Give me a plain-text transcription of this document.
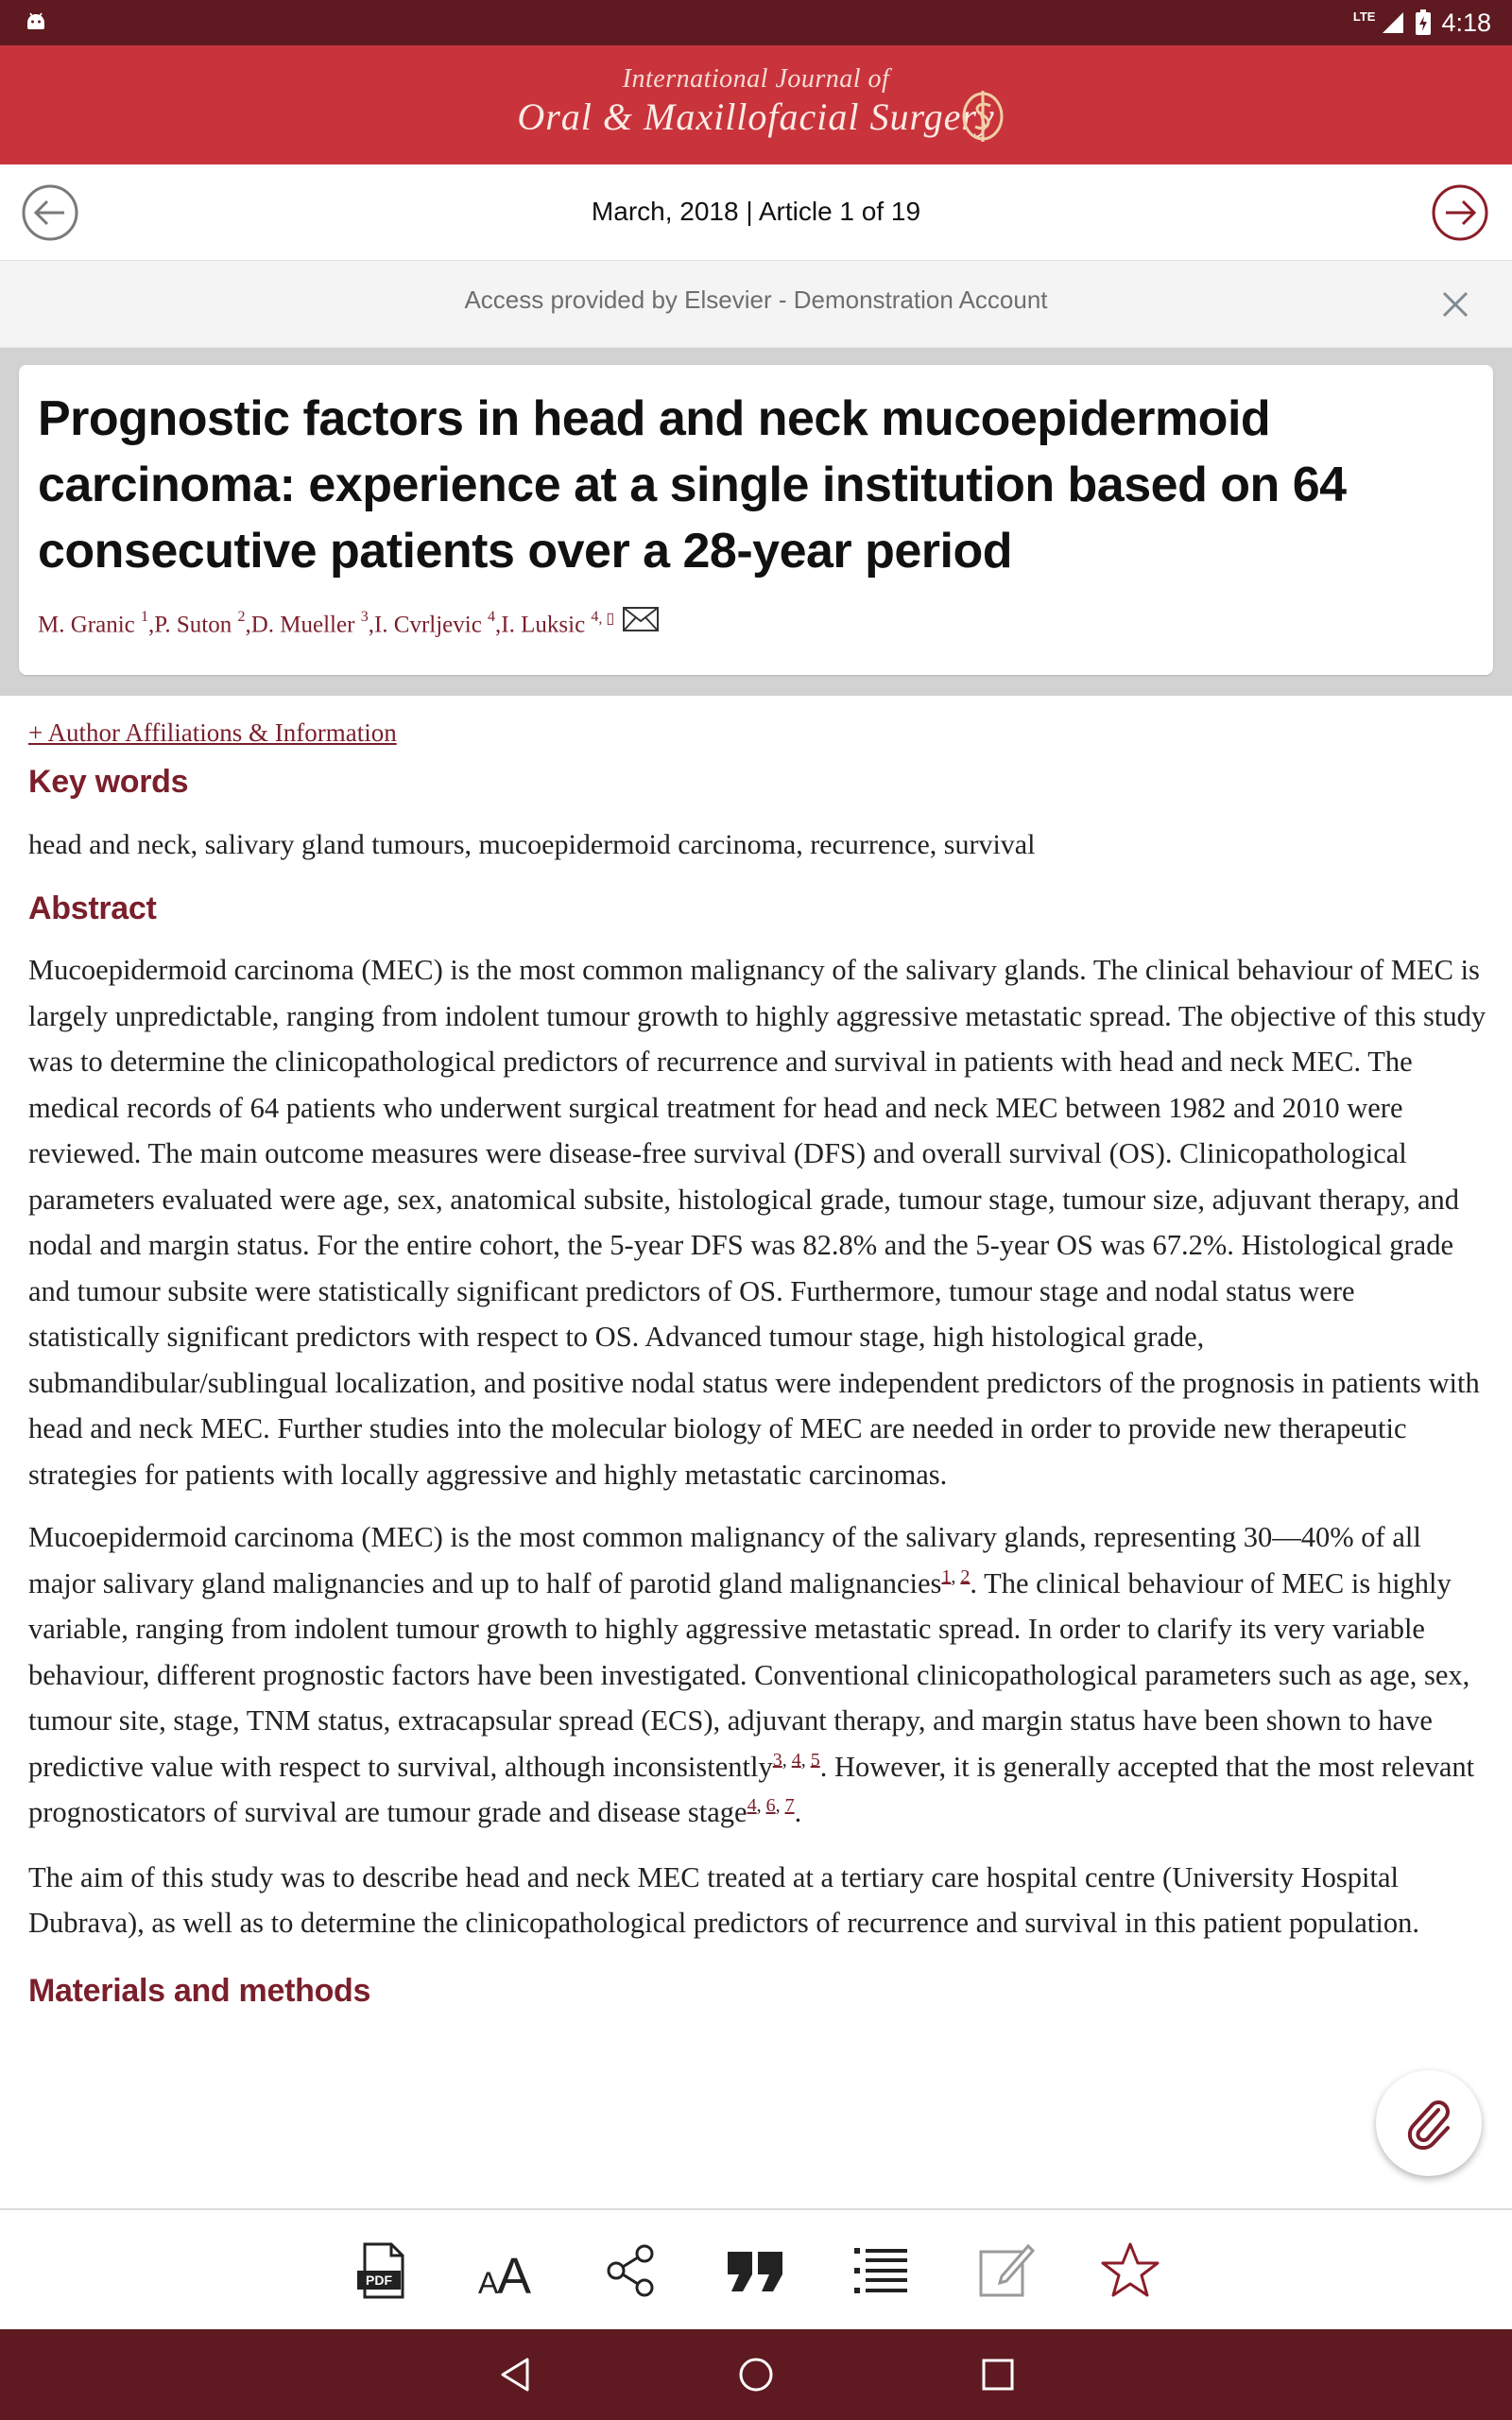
LTE	4:18
International Journal of
Oral & Maxillofacial Surgery
March, 2018 | Article 1 of 19
Access provided by Elsevier - Demonstration Account
Prognostic factors in head and neck mucoepidermoid carcinoma: experience at a single institution based on 64 consecutive patients over a 28-year period
M. Granic $^1$, P. Suton $^2$, D. Mueller $^3$, I. Cvrljevic $^4$, I. Luksic $^{4, ▯}$
+ Author Affiliations & Information
Key words
head and neck, salivary gland tumours, mucoepidermoid carcinoma, recurrence, survival
Abstract

Mucoepidermoid carcinoma (MEC) is the most common malignancy of the salivary glands. The clinical behaviour of MEC is largely unpredictable, ranging from indolent tumour growth to highly aggressive metastatic spread. The objective of this study was to determine the clinicopathological predictors of recurrence and survival in patients with head and neck MEC. The medical records of 64 patients who underwent surgical treatment for head and neck MEC between 1982 and 2010 were reviewed. The main outcome measures were disease-free survival (DFS) and overall survival (OS). Clinicopathological parameters evaluated were age, sex, anatomical subsite, histological grade, tumour stage, tumour size, adjuvant therapy, and nodal and margin status. For the entire cohort, the 5-year DFS was 82.8% and the 5-year OS was 67.2%. Histological grade and tumour subsite were statistically significant predictors of OS. Furthermore, tumour stage and nodal status were statistically significant predictors with respect to OS. Advanced tumour stage, high histological grade, submandibular/sublingual localization, and positive nodal status were independent predictors of the prognosis in patients with head and neck MEC. Further studies into the molecular biology of MEC are needed in order to provide new therapeutic strategies for patients with locally aggressive and highly metastatic carcinomas.

Mucoepidermoid carcinoma (MEC) is the most common malignancy of the salivary glands, representing 30—40% of all major salivary gland malignancies and up to half of parotid gland malignancies$^{1, 2}$. The clinical behaviour of MEC is highly variable, ranging from indolent tumour growth to highly aggressive metastatic spread. In order to clarify its very variable behaviour, different prognostic factors have been investigated. Conventional clinicopathological parameters such as age, sex, tumour site, stage, TNM status, extracapsular spread (ECS), adjuvant therapy, and margin status have been shown to have predictive value with respect to survival, although inconsistently$^{3, 4, 5}$. However, it is generally accepted that the most relevant prognosticators of survival are tumour grade and disease stage$^{4, 6, 7}$.

The aim of this study was to describe head and neck MEC treated at a tertiary care hospital centre (University Hospital Dubrava), as well as to determine the clinicopathological predictors of recurrence and survival in this patient population.

Materials and methods
PDF	A
A
